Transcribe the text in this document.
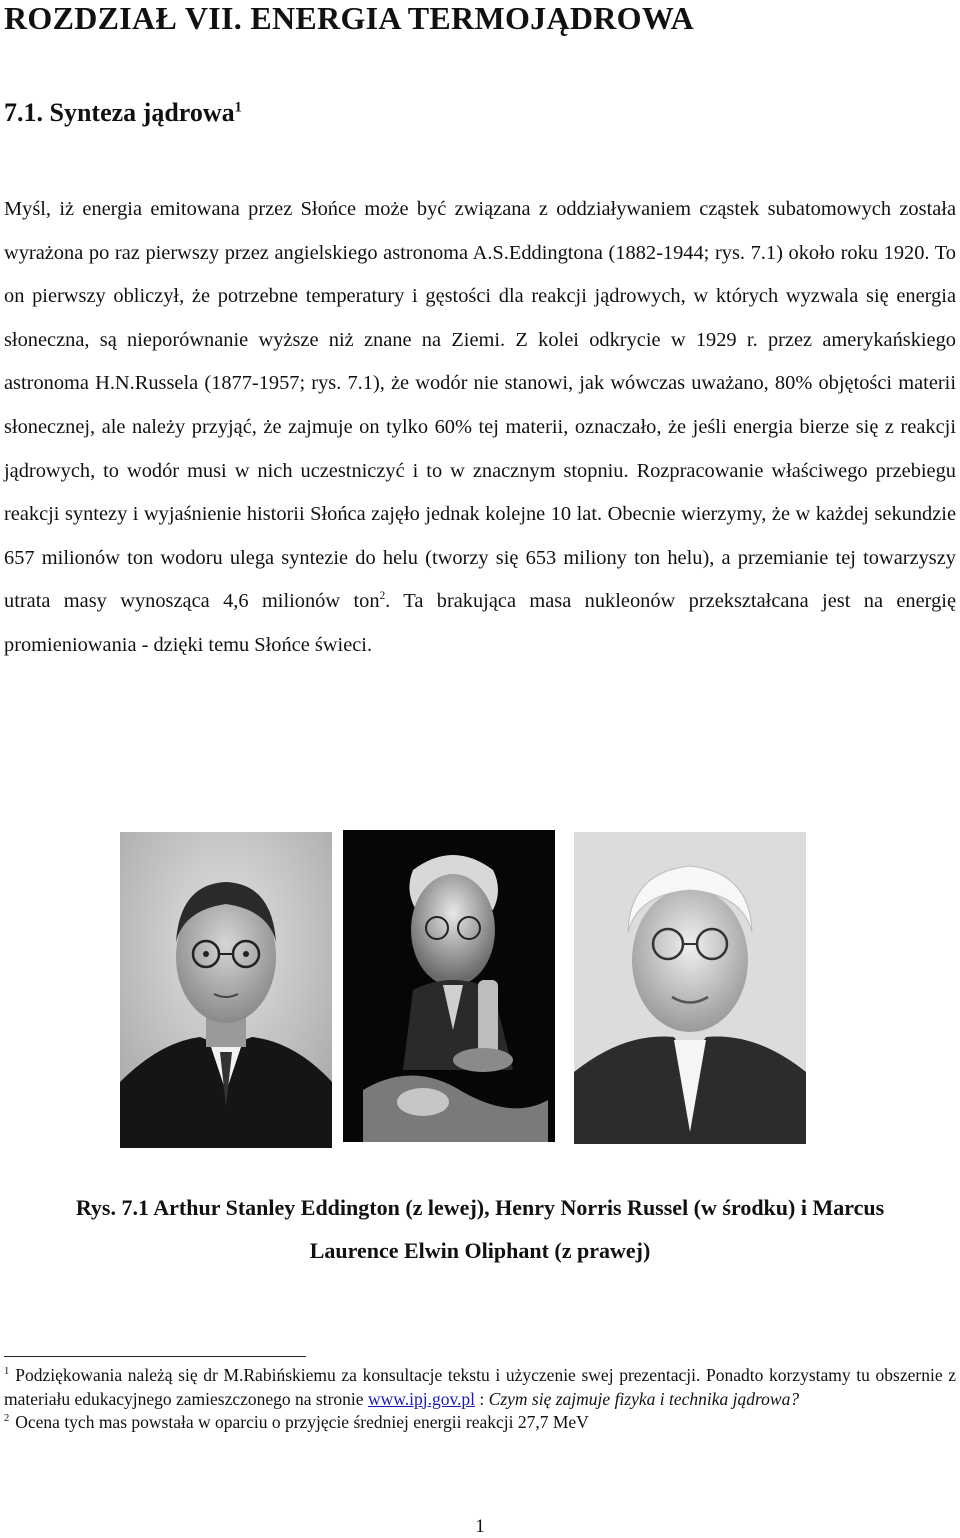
ROZDZIAŁ VII. ENERGIA TERMOJĄDROWA
7.1. Synteza jądrowa$^1$

Myśl, iż energia emitowana przez Słońce może być związana z oddziaływaniem cząstek subatomowych została wyrażona po raz pierwszy przez angielskiego astronoma A.S.Eddingtona (1882-1944; rys. 7.1) około roku 1920. To on pierwszy obliczył, że potrzebne temperatury i gęstości dla reakcji jądrowych, w których wyzwala się energia słoneczna, są nieporównanie wyższe niż znane na Ziemi. Z kolei odkrycie w 1929 r. przez amerykańskiego astronoma H.N.Russela (1877-1957; rys. 7.1), że wodór nie stanowi, jak wówczas uważano, 80% objętości materii słonecznej, ale należy przyjąć, że zajmuje on tylko 60% tej materii, oznaczało, że jeśli energia bierze się z reakcji jądrowych, to wodór musi w nich uczestniczyć i to w znacznym stopniu. Rozpracowanie właściwego przebiegu reakcji syntezy i wyjaśnienie historii Słońca zajęło jednak kolejne 10 lat. Obecnie wierzymy, że w każdej sekundzie 657 milionów ton wodoru ulega syntezie do helu (tworzy się 653 miliony ton helu), a przemianie tej towarzyszy utrata masy wynosząca 4,6 milionów ton$^2$. Ta brakująca masa nukleonów przekształcana jest na energię promieniowania - dzięki temu Słońce świeci.

Rys. 7.1 Arthur Stanley Eddington (z lewej), Henry Norris Russel (w środku) i Marcus
Laurence Elwin Oliphant (z prawej)

$^1$ Podziękowania należą się dr M.Rabińskiemu za konsultacje tekstu i użyczenie swej prezentacji. Ponadto korzystamy tu obszernie z materiału edukacyjnego zamieszczonego na stronie www.ipj.gov.pl : Czym się zajmuje fizyka i technika jądrowa?

$^2$ Ocena tych mas powstała w oparciu o przyjęcie średniej energii reakcji 27,7 MeV

1
